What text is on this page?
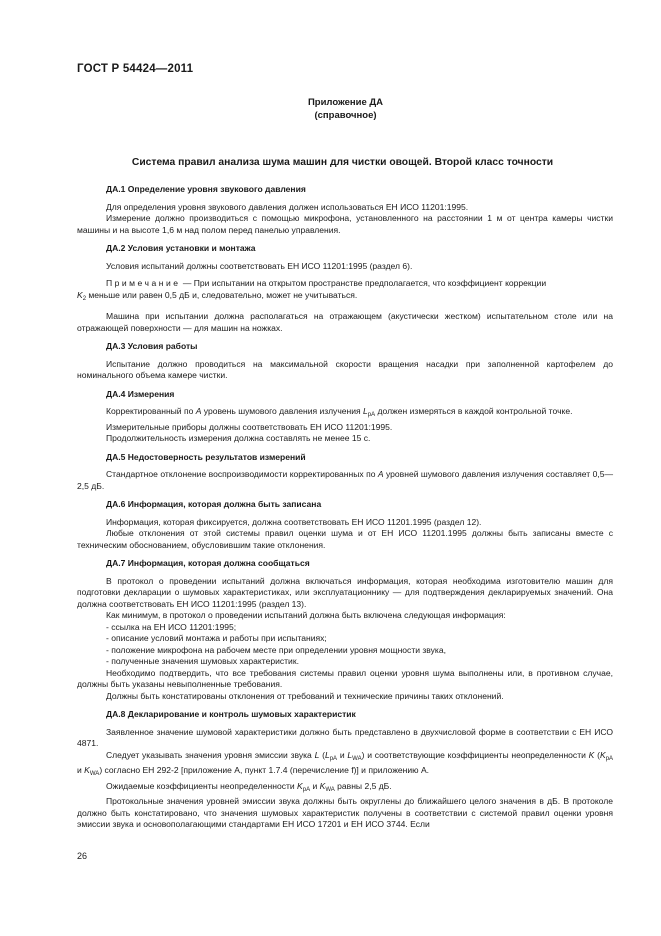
ГОСТ Р 54424—2011
Приложение ДА
(справочное)
Система правил анализа шума машин для чистки овощей. Второй класс точности
ДА.1 Определение уровня звукового давления

Для определения уровня звукового давления должен использоваться ЕН ИСО 11201:1995.

Измерение должно производиться с помощью микрофона, установленного на расстоянии 1 м от центра камеры чистки машины и на высоте 1,6 м над полом перед панелью управления.

ДА.2 Условия установки и монтажа

Условия испытаний должны соответствовать ЕН ИСО 11201:1995 (раздел 6).

Примечание — При испытании на открытом пространстве предполагается, что коэффициент коррекции
$K_2$ меньше или равен 0,5 дБ и, следовательно, может не учитываться.

Машина при испытании должна располагаться на отражающем (акустически жестком) испытательном столе или на отражающей поверхности — для машин на ножках.

ДА.3 Условия работы

Испытание должно проводиться на максимальной скорости вращения насадки при заполненной картофелем до номинального объема камере чистки.

ДА.4 Измерения

Корректированный по A уровень шумового давления излучения $L_{pA}$ должен измеряться в каждой контрольной точке.

Измерительные приборы должны соответствовать ЕН ИСО 11201:1995.

Продолжительность измерения должна составлять не менее 15 с.

ДА.5 Недостоверность результатов измерений

Стандартное отклонение воспроизводимости корректированных по A уровней шумового давления излучения составляет 0,5—2,5 дБ.

ДА.6 Информация, которая должна быть записана

Информация, которая фиксируется, должна соответствовать ЕН ИСО 11201.1995 (раздел 12).

Любые отклонения от этой системы правил оценки шума и от ЕН ИСО 11201.1995 должны быть записаны вместе с техническим обоснованием, обусловившим такие отклонения.

ДА.7 Информация, которая должна сообщаться

В протокол о проведении испытаний должна включаться информация, которая необходима изготовителю машин для подготовки декларации о шумовых характеристиках, или эксплуатационнику — для подтверждения декларируемых значений. Она должна соответствовать ЕН ИСО 11201:1995 (раздел 13).

Как минимум, в протокол о проведении испытаний должна быть включена следующая информация:

- ссылка на ЕН ИСО 11201:1995;

- описание условий монтажа и работы при испытаниях;

- положение микрофона на рабочем месте при определении уровня мощности звука,

- полученные значения шумовых характеристик.

Необходимо подтвердить, что все требования системы правил оценки уровня шума выполнены или, в противном случае, должны быть указаны невыполненные требования.

Должны быть констатированы отклонения от требований и технические причины таких отклонений.

ДА.8 Декларирование и контроль шумовых характеристик

Заявленное значение шумовой характеристики должно быть представлено в двухчисловой форме в соответствии с ЕН ИСО 4871.

Следует указывать значения уровня эмиссии звука L ($L_{pA}$ и $L_{WA}$) и соответствующие коэффициенты неопределенности K ($K_{pA}$ и $K_{WA}$) согласно ЕН 292-2 [приложение А, пункт 1.7.4 (перечисление f)] и приложению А.

Ожидаемые коэффициенты неопределенности $K_{pA}$ и $K_{WA}$ равны 2,5 дБ.

Протокольные значения уровней эмиссии звука должны быть округлены до ближайшего целого значения в дБ. В протоколе должно быть констатировано, что значения шумовых характеристик получены в соответствии с системой правил оценки уровня эмиссии звука и основополагающими стандартами ЕН ИСО 17201 и ЕН ИСО 3744. Если

26
